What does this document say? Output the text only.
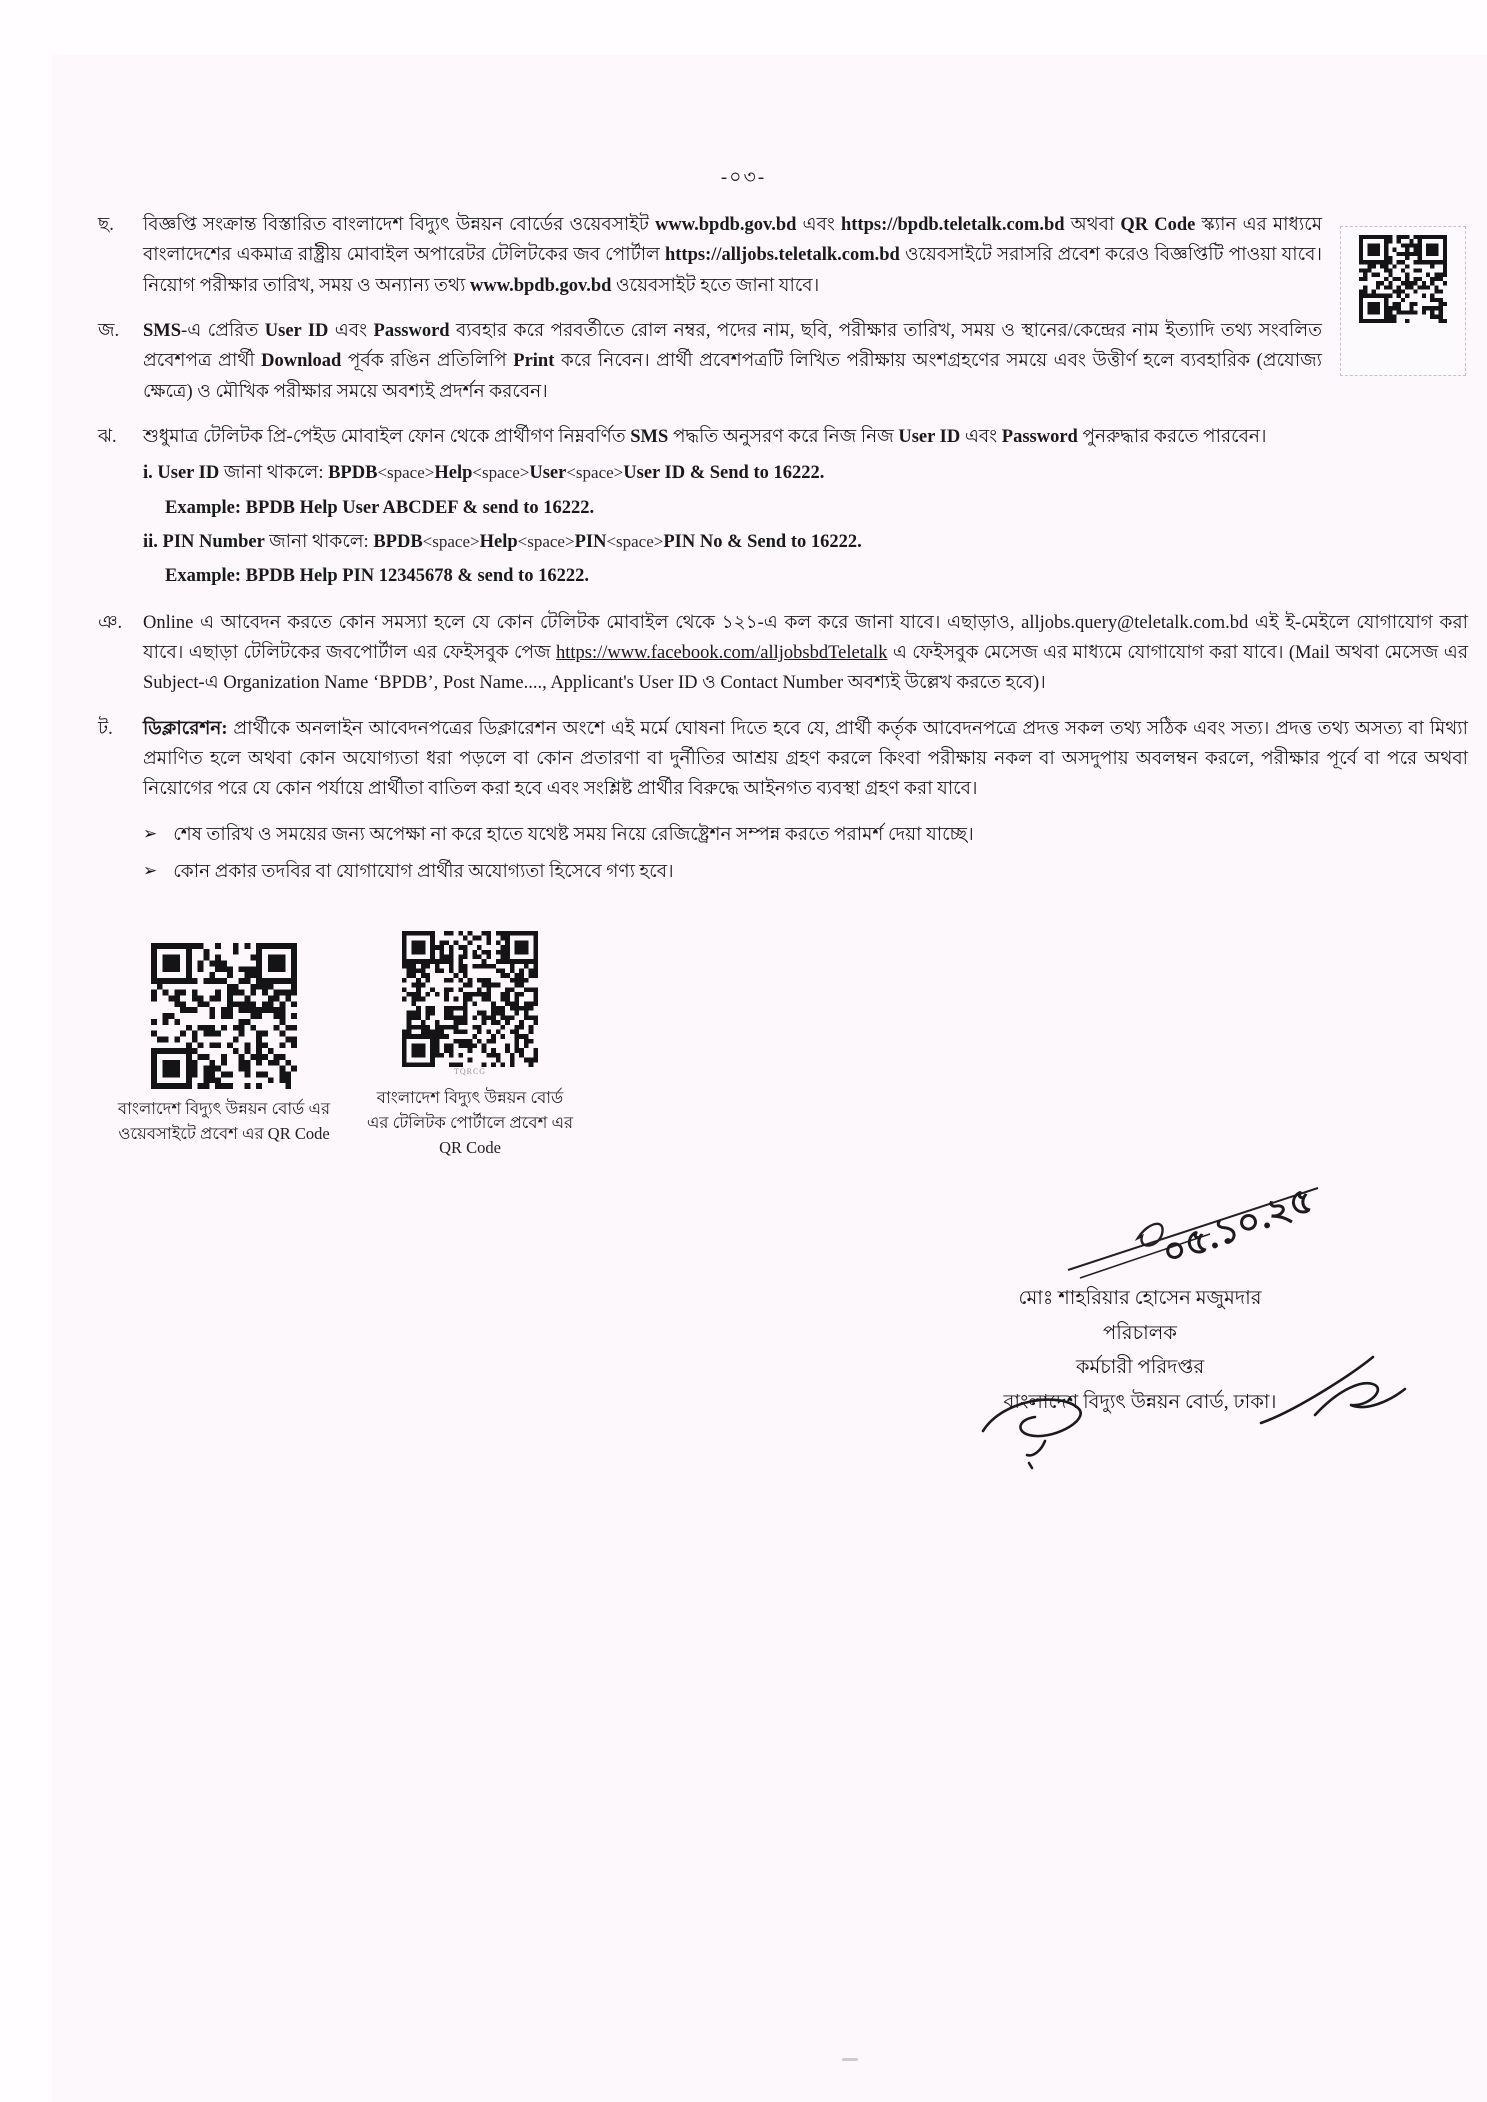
-০৩-
ছ. বিজ্ঞপ্তি সংক্রান্ত বিস্তারিত বাংলাদেশ বিদ্যুৎ উন্নয়ন বোর্ডের ওয়েবসাইট www.bpdb.gov.bd এবং https://bpdb.teletalk.com.bd অথবা QR Code স্ক্যান এর মাধ্যমে বাংলাদেশের একমাত্র রাষ্ট্রীয় মোবাইল অপারেটর টেলিটকের জব পোর্টাল https://alljobs.teletalk.com.bd ওয়েবসাইটে সরাসরি প্রবেশ করেও বিজ্ঞপ্তিটি পাওয়া যাবে। নিয়োগ পরীক্ষার তারিখ, সময় ও অন্যান্য তথ্য www.bpdb.gov.bd ওয়েবসাইট হতে জানা যাবে।
জ. SMS-এ প্রেরিত User ID এবং Password ব্যবহার করে পরবর্তীতে রোল নম্বর, পদের নাম, ছবি, পরীক্ষার তারিখ, সময় ও স্থানের/কেন্দ্রের নাম ইত্যাদি তথ্য সংবলিত প্রবেশপত্র প্রার্থী Download পূর্বক রঙিন প্রতিলিপি Print করে নিবেন। প্রার্থী প্রবেশপত্রটি লিখিত পরীক্ষায় অংশগ্রহণের সময়ে এবং উত্তীর্ণ হলে ব্যবহারিক (প্রযোজ্য ক্ষেত্রে) ও মৌখিক পরীক্ষার সময়ে অবশ্যই প্রদর্শন করবেন।
ঝ. শুধুমাত্র টেলিটক প্রি-পেইড মোবাইল ফোন থেকে প্রার্থীগণ নিম্নবর্ণিত SMS পদ্ধতি অনুসরণ করে নিজ নিজ User ID এবং Password পুনরুদ্ধার করতে পারবেন।
i. User ID জানা থাকলে: BPDB<space>Help<space>User<space>User ID & Send to 16222.
Example: BPDB Help User ABCDEF & send to 16222.
ii. PIN Number জানা থাকলে: BPDB<space>Help<space>PIN<space>PIN No & Send to 16222.
Example: BPDB Help PIN 12345678 & send to 16222.
ঞ. Online এ আবেদন করতে কোন সমস্যা হলে যে কোন টেলিটক মোবাইল থেকে ১২১-এ কল করে জানা যাবে। এছাড়াও, alljobs.query@teletalk.com.bd এই ই-মেইলে যোগাযোগ করা যাবে। এছাড়া টেলিটকের জবপোর্টাল এর ফেইসবুক পেজ https://www.facebook.com/alljobsbdTeletalk এ ফেইসবুক মেসেজ এর মাধ্যমে যোগাযোগ করা যাবে। (Mail অথবা মেসেজ এর Subject-এ Organization Name ‘BPDB’, Post Name...., Applicant's User ID ও Contact Number অবশ্যই উল্লেখ করতে হবে)।
ট. ডিক্লারেশন: প্রার্থীকে অনলাইন আবেদনপত্রের ডিক্লারেশন অংশে এই মর্মে ঘোষনা দিতে হবে যে, প্রার্থী কর্তৃক আবেদনপত্রে প্রদত্ত সকল তথ্য সঠিক এবং সত্য। প্রদত্ত তথ্য অসত্য বা মিথ্যা প্রমাণিত হলে অথবা কোন অযোগ্যতা ধরা পড়লে বা কোন প্রতারণা বা দুর্নীতির আশ্রয় গ্রহণ করলে কিংবা পরীক্ষায় নকল বা অসদুপায় অবলম্বন করলে, পরীক্ষার পূর্বে বা পরে অথবা নিয়োগের পরে যে কোন পর্যায়ে প্রার্থীতা বাতিল করা হবে এবং সংশ্লিষ্ট প্রার্থীর বিরুদ্ধে আইনগত ব্যবস্থা গ্রহণ করা যাবে।
➢ শেষ তারিখ ও সময়ের জন্য অপেক্ষা না করে হাতে যথেষ্ট সময় নিয়ে রেজিষ্ট্রেশন সম্পন্ন করতে পরামর্শ দেয়া যাচ্ছে।
➢ কোন প্রকার তদবির বা যোগাযোগ প্রার্থীর অযোগ্যতা হিসেবে গণ্য হবে।
বাংলাদেশ বিদ্যুৎ উন্নয়ন বোর্ড এর ওয়েবসাইটে প্রবেশ এর QR Code
TQRCG
বাংলাদেশ বিদ্যুৎ উন্নয়ন বোর্ড এর টেলিটক পোর্টালে প্রবেশ এর QR Code
০৫.১০.২৫
মোঃ শাহরিয়ার হোসেন মজুমদার
পরিচালক
কর্মচারী পরিদপ্তর
বাংলাদেশ বিদ্যুৎ উন্নয়ন বোর্ড, ঢাকা।
